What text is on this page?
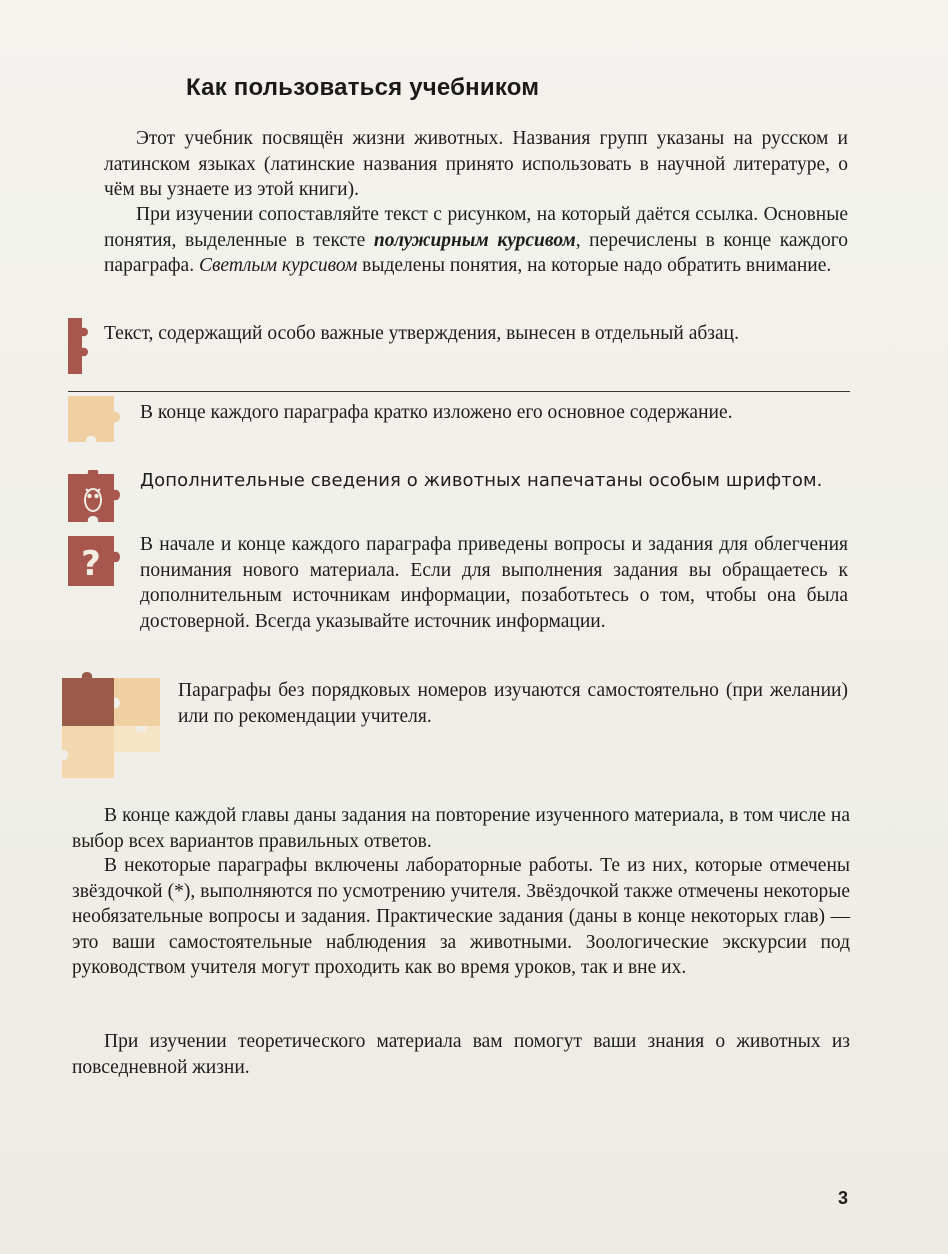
Как пользоваться учебником

Этот учебник посвящён жизни животных. Названия групп указаны на русском и латинском языках (латинские названия принято использовать в научной литературе, о чём вы узнаете из этой книги).

При изучении сопоставляйте текст с рисунком, на который даётся ссылка. Основные понятия, выделенные в тексте полужирным курсивом, перечислены в конце каждого параграфа. Светлым курсивом выделены понятия, на которые надо обратить внимание.

Текст, содержащий особо важные утверждения, вынесен в отдельный абзац.

В конце каждого параграфа кратко изложено его основное содержание.

Дополнительные сведения о животных напечатаны особым шрифтом.

? В начале и конце каждого параграфа приведены вопросы и задания для облегчения понимания нового материала. Если для выполнения задания вы обращаетесь к дополнительным источникам информации, позаботьтесь о том, чтобы она была достоверной. Всегда указывайте источник информации.

Параграфы без порядковых номеров изучаются самостоятельно (при желании) или по рекомендации учителя.

В конце каждой главы даны задания на повторение изученного материала, в том числе на выбор всех вариантов правильных ответов.

В некоторые параграфы включены лабораторные работы. Те из них, которые отмечены звёздочкой (*), выполняются по усмотрению учителя. Звёздочкой также отмечены некоторые необязательные вопросы и задания. Практические задания (даны в конце некоторых глав) — это ваши самостоятельные наблюдения за животными. Зоологические экскурсии под руководством учителя могут проходить как во время уроков, так и вне их.

При изучении теоретического материала вам помогут ваши знания о животных из повседневной жизни.

3
